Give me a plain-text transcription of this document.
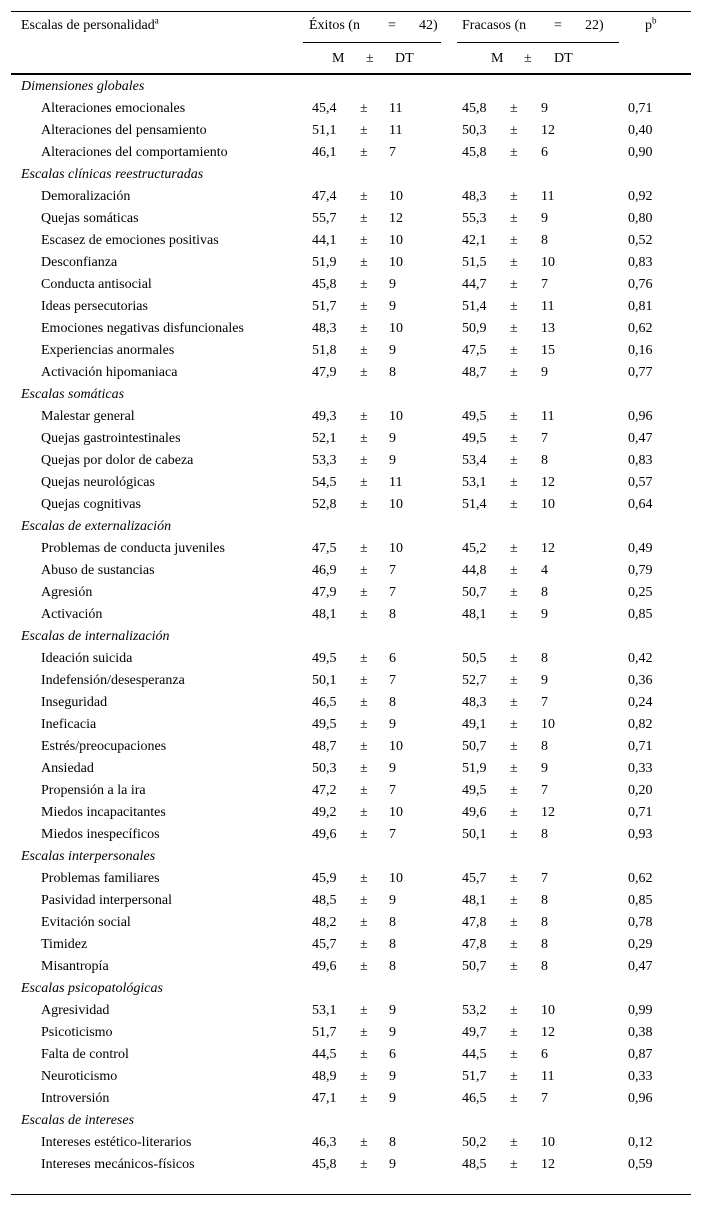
Escalas de personalidad$^a$	Éxitos (n = 42) Fracasos (n = 22)	$p^b$
M ± DT	M ± DT
Dimensiones globales
Alteraciones emocionales	45,4 ± 11	45,8 ± 9	0,71
Alteraciones del pensamiento	51,1 ± 11	50,3 ± 12	0,40
Alteraciones del comportamiento	46,1 ± 7	45,8 ± 6	0,90
Escalas clínicas reestructuradas
Demoralización	47,4 ± 10	48,3 ± 11	0,92
Quejas somáticas	55,7 ± 12	55,3 ± 9	0,80
Escasez de emociones positivas	44,1 ± 10	42,1 ± 8	0,52
Desconfianza	51,9 ± 10	51,5 ± 10	0,83
Conducta antisocial	45,8 ± 9	44,7 ± 7	0,76
Ideas persecutorias	51,7 ± 9	51,4 ± 11	0,81
Emociones negativas disfuncionales	48,3 ± 10	50,9 ± 13	0,62
Experiencias anormales	51,8 ± 9	47,5 ± 15	0,16
Activación hipomaniaca	47,9 ± 8	48,7 ± 9	0,77
Escalas somáticas
Malestar general	49,3 ± 10	49,5 ± 11	0,96
Quejas gastrointestinales	52,1 ± 9	49,5 ± 7	0,47
Quejas por dolor de cabeza	53,3 ± 9	53,4 ± 8	0,83
Quejas neurológicas	54,5 ± 11	53,1 ± 12	0,57
Quejas cognitivas	52,8 ± 10	51,4 ± 10	0,64
Escalas de externalización
Problemas de conducta juveniles	47,5 ± 10	45,2 ± 12	0,49
Abuso de sustancias	46,9 ± 7	44,8 ± 4	0,79
Agresión	47,9 ± 7	50,7 ± 8	0,25
Activación	48,1 ± 8	48,1 ± 9	0,85
Escalas de internalización
Ideación suicida	49,5 ± 6	50,5 ± 8	0,42
Indefensión/desesperanza	50,1 ± 7	52,7 ± 9	0,36
Inseguridad	46,5 ± 8	48,3 ± 7	0,24
Ineficacia	49,5 ± 9	49,1 ± 10	0,82
Estrés/preocupaciones	48,7 ± 10	50,7 ± 8	0,71
Ansiedad	50,3 ± 9	51,9 ± 9	0,33
Propensión a la ira	47,2 ± 7	49,5 ± 7	0,20
Miedos incapacitantes	49,2 ± 10	49,6 ± 12	0,71
Miedos inespecíficos	49,6 ± 7	50,1 ± 8	0,93
Escalas interpersonales
Problemas familiares	45,9 ± 10	45,7 ± 7	0,62
Pasividad interpersonal	48,5 ± 9	48,1 ± 8	0,85
Evitación social	48,2 ± 8	47,8 ± 8	0,78
Timidez	45,7 ± 8	47,8 ± 8	0,29
Misantropía	49,6 ± 8	50,7 ± 8	0,47
Escalas psicopatológicas
Agresividad	53,1 ± 9	53,2 ± 10	0,99
Psicoticismo	51,7 ± 9	49,7 ± 12	0,38
Falta de control	44,5 ± 6	44,5 ± 6	0,87
Neuroticismo	48,9 ± 9	51,7 ± 11	0,33
Introversión	47,1 ± 9	46,5 ± 7	0,96
Escalas de intereses
Intereses estético-literarios	46,3 ± 8	50,2 ± 10	0,12
Intereses mecánicos-físicos	45,8 ± 9	48,5 ± 12	0,59
